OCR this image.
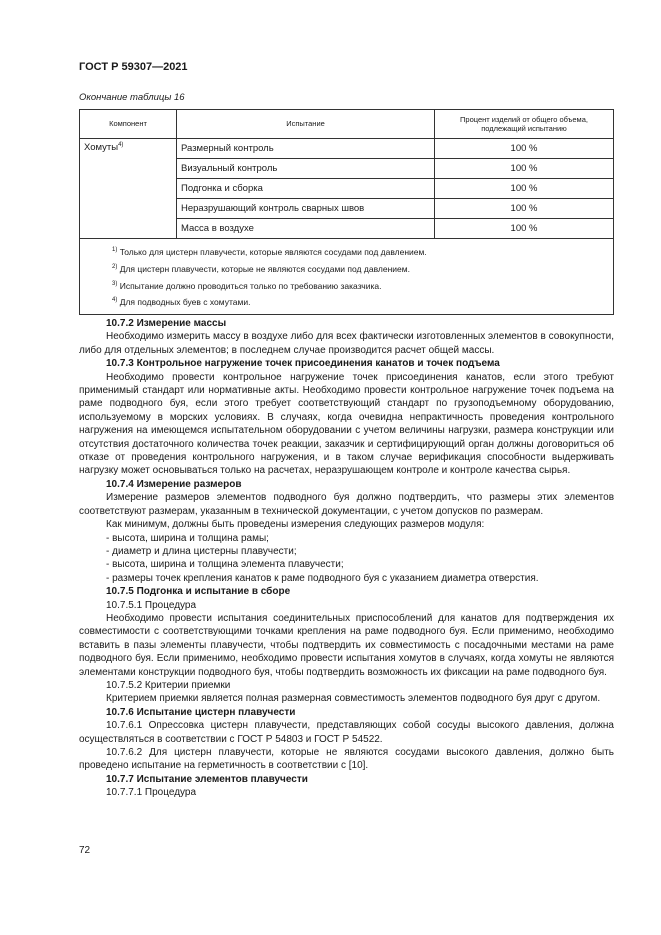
ГОСТ Р 59307—2021
Окончание таблицы 16
Компонент	Испытание	Процент изделий от общего объема, подлежащий испытанию
Хомуты$^{4)}$	Размерный контроль	100 %
	Визуальный контроль	100 %
	Подгонка и сборка	100 %
	Неразрушающий контроль сварных швов	100 %
	Масса в воздухе	100 %

$^{1)}$ Только для цистерн плавучести, которые являются сосудами под давлением.
$^{2)}$ Для цистерн плавучести, которые не являются сосудами под давлением.
$^{3)}$ Испытание должно проводиться только по требованию заказчика.
$^{4)}$ Для подводных буев с хомутами.		

10.7.2 Измерение массы

Необходимо измерить массу в воздухе либо для всех фактически изготовленных элементов в совокупности, либо для отдельных элементов; в последнем случае производится расчет общей массы.

10.7.3 Контрольное нагружение точек присоединения канатов и точек подъема

Необходимо провести контрольное нагружение точек присоединения канатов, если этого требуют применимый стандарт или нормативные акты. Необходимо провести контрольное нагружение точек подъема на раме подводного буя, если этого требует соответствующий стандарт по грузоподъемному оборудованию, используемому в морских условиях. В случаях, когда очевидна непрактичность проведения контрольного нагружения на имеющемся испытательном оборудовании с учетом величины нагрузки, размера конструкции или отсутствия достаточного количества точек реакции, заказчик и сертифицирующий орган должны договориться об отказе от проведения контрольного нагружения, и в таком случае верификация способности выдерживать нагрузку может основываться только на расчетах, неразрушающем контроле и контроле качества сырья.

10.7.4 Измерение размеров

Измерение размеров элементов подводного буя должно подтвердить, что размеры этих элементов соответствуют размерам, указанным в технической документации, с учетом допусков по размерам.

Как минимум, должны быть проведены измерения следующих размеров модуля:

- высота, ширина и толщина рамы;

- диаметр и длина цистерны плавучести;

- высота, ширина и толщина элемента плавучести;

- размеры точек крепления канатов к раме подводного буя с указанием диаметра отверстия.

10.7.5 Подгонка и испытание в сборе

10.7.5.1 Процедура

Необходимо провести испытания соединительных приспособлений для канатов для подтверждения их совместимости с соответствующими точками крепления на раме подводного буя. Если применимо, необходимо вставить в пазы элементы плавучести, чтобы подтвердить их совместимость с посадочными местами на раме подводного буя. Если применимо, необходимо провести испытания хомутов в случаях, когда хомуты не являются элементами конструкции подводного буя, чтобы подтвердить возможность их фиксации на раме подводного буя.

10.7.5.2 Критерии приемки

Критерием приемки является полная размерная совместимость элементов подводного буя друг с другом.

10.7.6 Испытание цистерн плавучести

10.7.6.1 Опрессовка цистерн плавучести, представляющих собой сосуды высокого давления, должна осуществляться в соответствии с ГОСТ Р 54803 и ГОСТ Р 54522.

10.7.6.2 Для цистерн плавучести, которые не являются сосудами высокого давления, должно быть проведено испытание на герметичность в соответствии с [10].

10.7.7 Испытание элементов плавучести

10.7.7.1 Процедура

72
